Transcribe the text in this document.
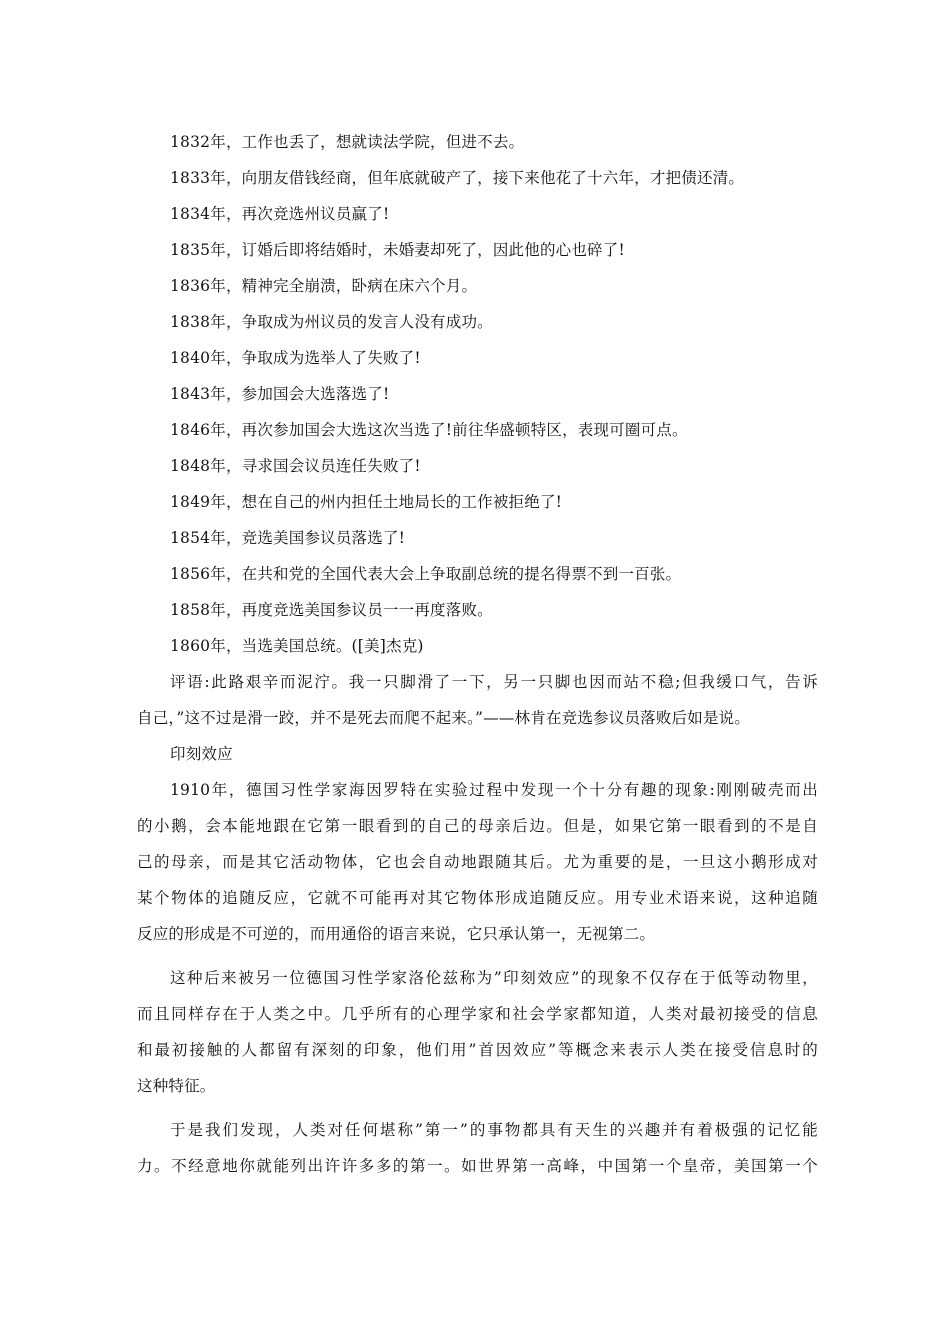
1832年，工作也丢了，想就读法学院，但进不去。

1833年，向朋友借钱经商，但年底就破产了，接下来他花了十六年，才把债还清。

1834年，再次竞选州议员赢了!

1835年，订婚后即将结婚时，未婚妻却死了，因此他的心也碎了!

1836年，精神完全崩溃，卧病在床六个月。

1838年，争取成为州议员的发言人没有成功。

1840年，争取成为选举人了失败了!

1843年，参加国会大选落选了!

1846年，再次参加国会大选这次当选了!前往华盛顿特区，表现可圈可点。

1848年，寻求国会议员连任失败了!

1849年，想在自己的州内担任土地局长的工作被拒绝了!

1854年，竞选美国参议员落选了!

1856年，在共和党的全国代表大会上争取副总统的提名得票不到一百张。

1858年，再度竞选美国参议员一一再度落败。

1860年，当选美国总统。([美]杰克)

评语:此路艰辛而泥泞。我一只脚滑了一下，另一只脚也因而站不稳;但我缓口气，告诉

自己，”这不过是滑一跤，并不是死去而爬不起来。”——林肯在竞选参议员落败后如是说。

印刻效应

1910年，德国习性学家海因罗特在实验过程中发现一个十分有趣的现象:刚刚破壳而出

的小鹅，会本能地跟在它第一眼看到的自己的母亲后边。但是，如果它第一眼看到的不是自

己的母亲，而是其它活动物体，它也会自动地跟随其后。尤为重要的是，一旦这小鹅形成对

某个物体的追随反应，它就不可能再对其它物体形成追随反应。用专业术语来说，这种追随

反应的形成是不可逆的，而用通俗的语言来说，它只承认第一，无视第二。

这种后来被另一位德国习性学家洛伦兹称为”印刻效应”的现象不仅存在于低等动物里，

而且同样存在于人类之中。几乎所有的心理学家和社会学家都知道，人类对最初接受的信息

和最初接触的人都留有深刻的印象，他们用”首因效应”等概念来表示人类在接受信息时的

这种特征。

于是我们发现，人类对任何堪称”第一”的事物都具有天生的兴趣并有着极强的记忆能

力。不经意地你就能列出许许多多的第一。如世界第一高峰，中国第一个皇帝，美国第一个
